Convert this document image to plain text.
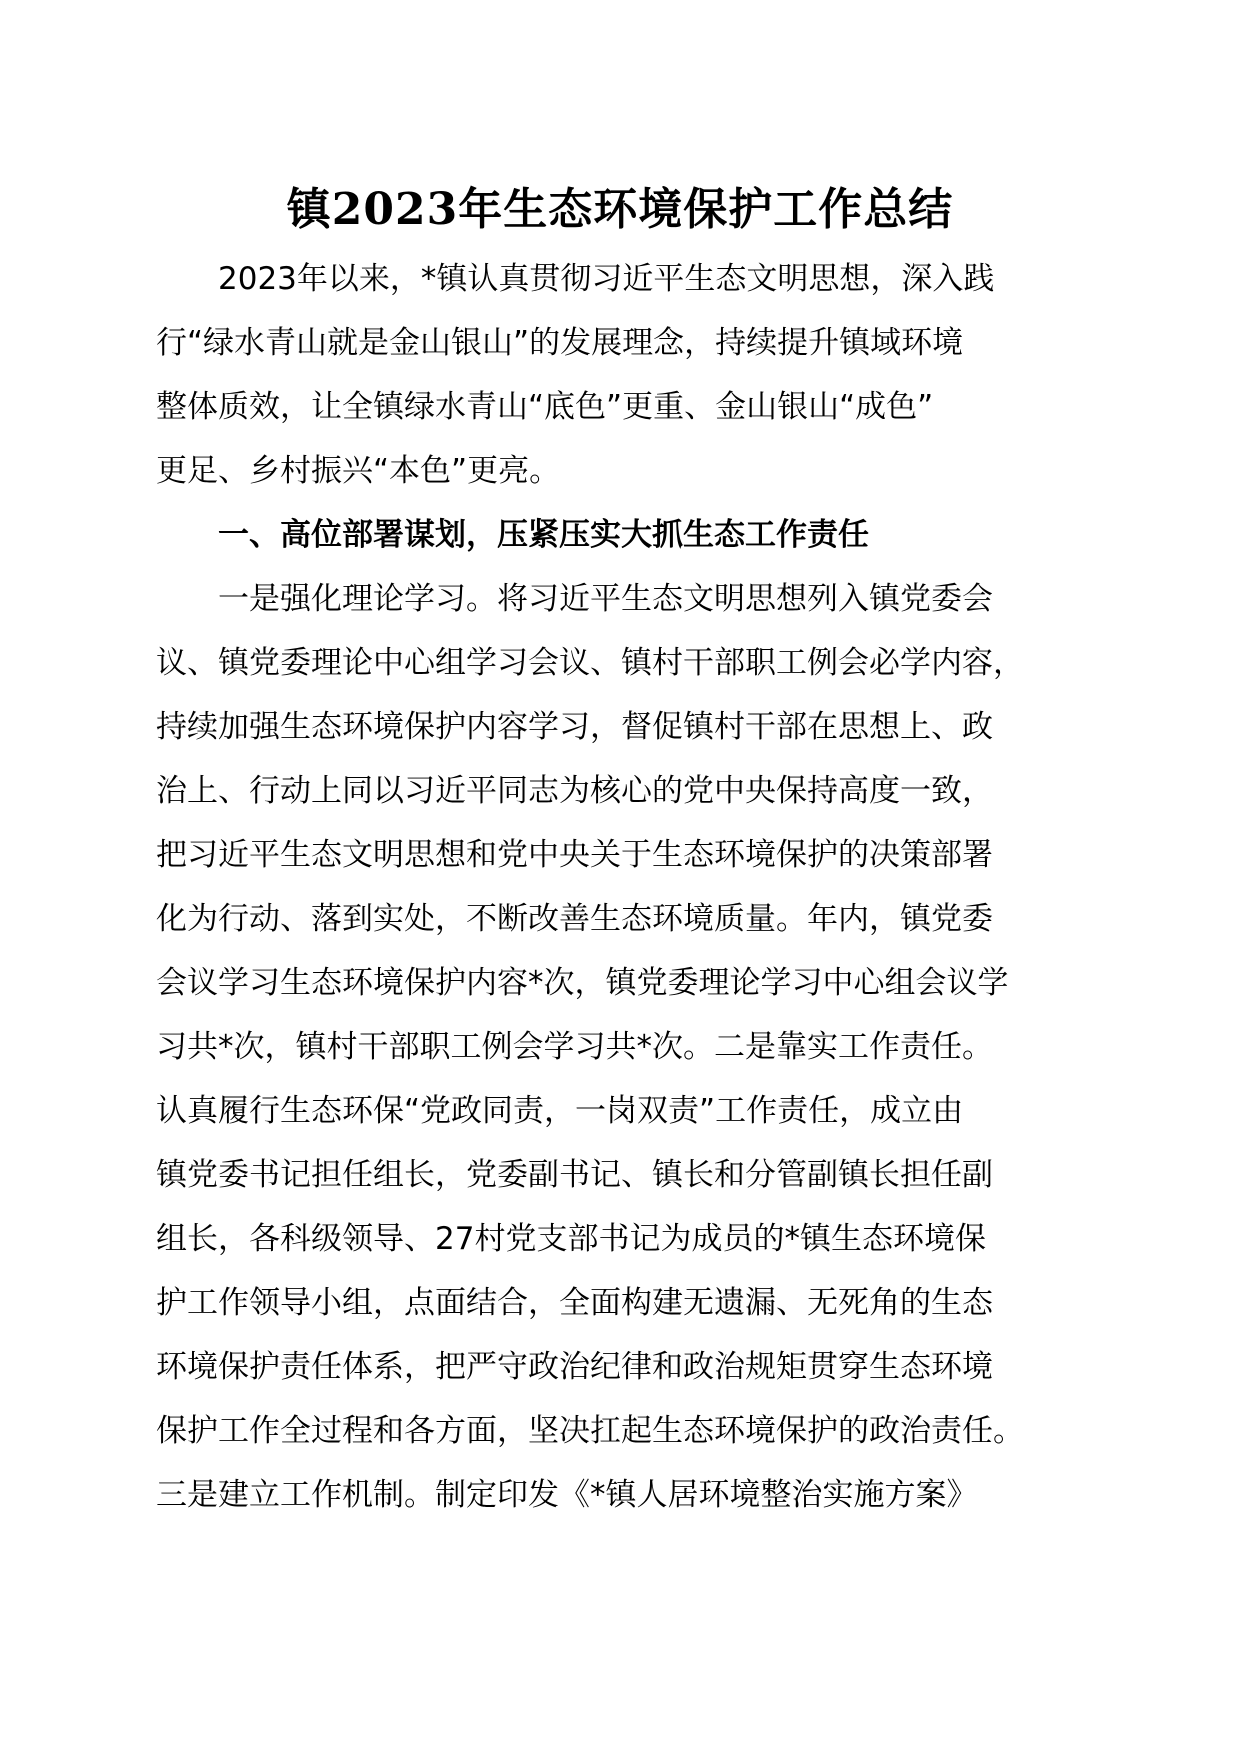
镇2023年生态环境保护工作总结
2023年以来，*镇认真贯彻习近平生态文明思想，深入践
行“绿水青山就是金山银山”的发展理念，持续提升镇域环境
整体质效，让全镇绿水青山“底色”更重、金山银山“成色”
更足、乡村振兴“本色”更亮。
一、高位部署谋划，压紧压实大抓生态工作责任
一是强化理论学习。将习近平生态文明思想列入镇党委会
议、镇党委理论中心组学习会议、镇村干部职工例会必学内容，
持续加强生态环境保护内容学习，督促镇村干部在思想上、政
治上、行动上同以习近平同志为核心的党中央保持高度一致，
把习近平生态文明思想和党中央关于生态环境保护的决策部署
化为行动、落到实处，不断改善生态环境质量。年内，镇党委
会议学习生态环境保护内容*次，镇党委理论学习中心组会议学
习共*次，镇村干部职工例会学习共*次。二是靠实工作责任。
认真履行生态环保“党政同责，一岗双责”工作责任，成立由
镇党委书记担任组长，党委副书记、镇长和分管副镇长担任副
组长，各科级领导、27村党支部书记为成员的*镇生态环境保
护工作领导小组，点面结合，全面构建无遗漏、无死角的生态
环境保护责任体系，把严守政治纪律和政治规矩贯穿生态环境
保护工作全过程和各方面，坚决扛起生态环境保护的政治责任。
三是建立工作机制。制定印发《*镇人居环境整治实施方案》
